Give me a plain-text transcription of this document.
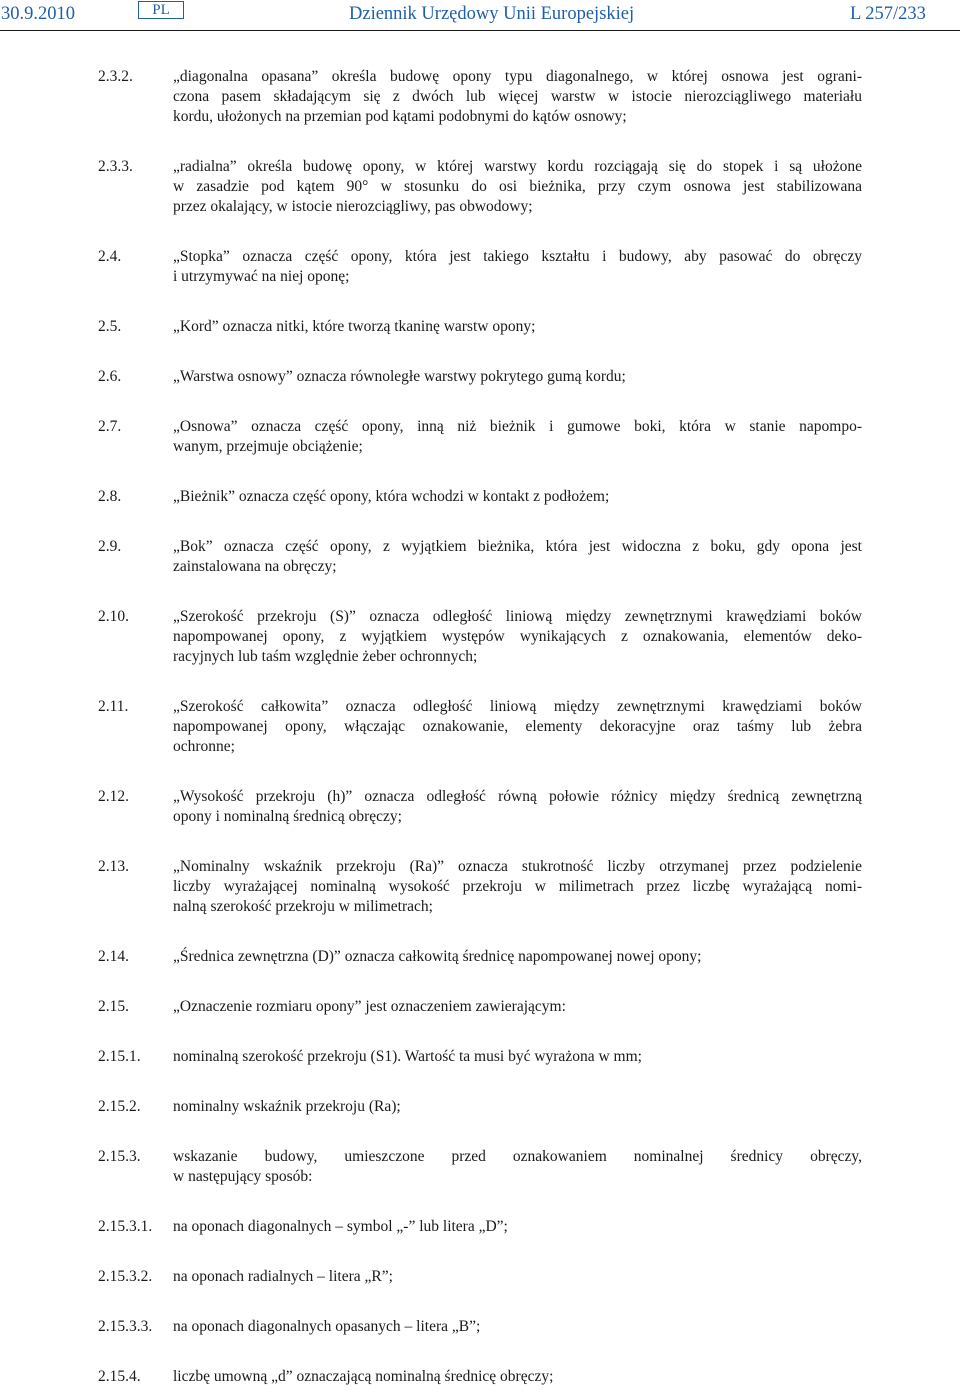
30.9.2010	PL	Dziennik Urzędowy Unii Europejskiej	L 257/233
2.3.2.	„diagonalna opasana” określa budowę opony typu diagonalnego, w której osnowa jest ograni-
czona pasem składającym się z dwóch lub więcej warstw w istocie nierozciągliwego materiału
kordu, ułożonych na przemian pod kątami podobnymi do kątów osnowy;
2.3.3.	„radialna” określa budowę opony, w której warstwy kordu rozciągają się do stopek i są ułożone
w zasadzie pod kątem 90° w stosunku do osi bieżnika, przy czym osnowa jest stabilizowana
przez okalający, w istocie nierozciągliwy, pas obwodowy;
2.4.	„Stopka” oznacza część opony, która jest takiego kształtu i budowy, aby pasować do obręczy
i utrzymywać na niej oponę;
2.5.	„Kord” oznacza nitki, które tworzą tkaninę warstw opony;
2.6.	„Warstwa osnowy” oznacza równoległe warstwy pokrytego gumą kordu;
2.7.	„Osnowa” oznacza część opony, inną niż bieżnik i gumowe boki, która w stanie napompo-
wanym, przejmuje obciążenie;
2.8.	„Bieżnik” oznacza część opony, która wchodzi w kontakt z podłożem;
2.9.	„Bok” oznacza część opony, z wyjątkiem bieżnika, która jest widoczna z boku, gdy opona jest
zainstalowana na obręczy;
2.10.	„Szerokość przekroju (S)” oznacza odległość liniową między zewnętrznymi krawędziami boków
napompowanej opony, z wyjątkiem występów wynikających z oznakowania, elementów deko-
racyjnych lub taśm względnie żeber ochronnych;
2.11.	„Szerokość całkowita” oznacza odległość liniową między zewnętrznymi krawędziami boków
napompowanej opony, włączając oznakowanie, elementy dekoracyjne oraz taśmy lub żebra
ochronne;
2.12.	„Wysokość przekroju (h)” oznacza odległość równą połowie różnicy między średnicą zewnętrzną
opony i nominalną średnicą obręczy;
2.13.	„Nominalny wskaźnik przekroju (Ra)” oznacza stukrotność liczby otrzymanej przez podzielenie
liczby wyrażającej nominalną wysokość przekroju w milimetrach przez liczbę wyrażającą nomi-
nalną szerokość przekroju w milimetrach;
2.14.	„Średnica zewnętrzna (D)” oznacza całkowitą średnicę napompowanej nowej opony;
2.15.	„Oznaczenie rozmiaru opony” jest oznaczeniem zawierającym:
2.15.1. nominalną szerokość przekroju (S1). Wartość ta musi być wyrażona w mm;
2.15.2. nominalny wskaźnik przekroju (Ra);
2.15.3. wskazanie budowy, umieszczone przed oznakowaniem nominalnej średnicy obręczy,
w następujący sposób:
2.15.3.1. na oponach diagonalnych – symbol „-” lub litera „D”;
2.15.3.2. na oponach radialnych – litera „R”;
2.15.3.3. na oponach diagonalnych opasanych – litera „B”;
2.15.4. liczbę umowną „d” oznaczającą nominalną średnicę obręczy;
